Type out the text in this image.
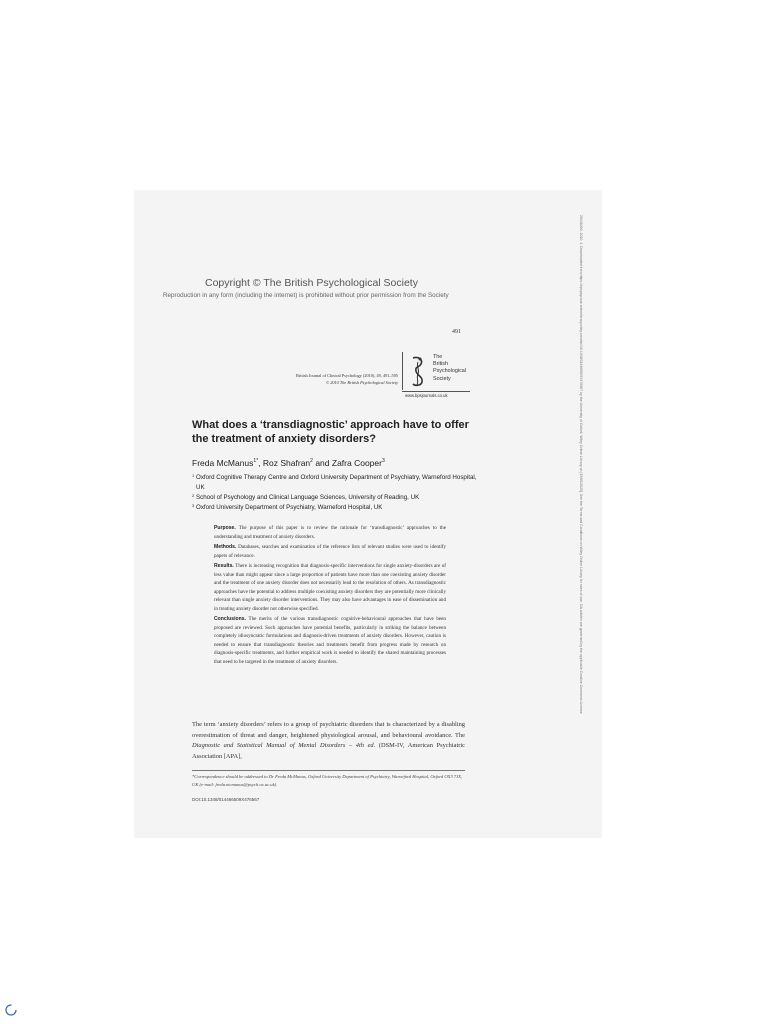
Copyright © The British Psychological Society
Reproduction in any form (including the internet) is prohibited without prior permission from the Society
491
British Journal of Clinical Psychology (2010), 49, 491–505
© 2010 The British Psychological Society
The
British
Psychological
Society
www.bpsjournals.co.uk
What does a ‘transdiagnostic’ approach have to offer the treatment of anxiety disorders?
Freda McManus$^{1*}$, Roz Shafran$^2$ and Zafra Cooper$^3$
1 Oxford Cognitive Therapy Centre and Oxford University Department of Psychiatry, Warneford Hospital, UK
2 School of Psychology and Clinical Language Sciences, University of Reading, UK
3 Oxford University Department of Psychiatry, Warneford Hospital, UK

Purpose. The purpose of this paper is to review the rationale for ‘transdiagnostic’ approaches to the understanding and treatment of anxiety disorders.

Methods. Databases, searches and examination of the reference lists of relevant studies were used to identify papers of relevance.

Results. There is increasing recognition that diagnosis-specific interventions for single anxiety-disorders are of less value than might appear since a large proportion of patients have more than one coexisting anxiety disorder and the treatment of one anxiety disorder does not necessarily lead to the resolution of others. As transdiagnostic approaches have the potential to address multiple coexisting anxiety disorders they are potentially more clinically relevant than single anxiety disorder interventions. They may also have advantages in ease of dissemination and in treating anxiety disorder not otherwise specified.

Conclusions. The merits of the various transdiagnostic cognitive-behavioural approaches that have been proposed are reviewed. Such approaches have potential benefits, particularly in striking the balance between completely idiosyncratic formulations and diagnosis-driven treatments of anxiety disorders. However, caution is needed to ensure that transdiagnostic theories and treatments benefit from progress made by research on diagnosis-specific treatments, and further empirical work is needed to identify the shared maintaining processes that need to be targeted in the treatment of anxiety disorders.

The term ‘anxiety disorders’ refers to a group of psychiatric disorders that is characterized by a disabling overestimation of threat and danger, heightened physiological arousal, and behavioural avoidance. The Diagnostic and Statistical Manual of Mental Disorders – 4th ed. (DSM-IV, American Psychiatric Association [APA],
*Correspondence should be addressed to Dr Freda McManus, Oxford University Department of Psychiatry, Warneford Hospital, Oxford OX3 7JX, UK (e-mail: freda.mcmanus@psych.ox.ac.uk).
DOI:10.1348/014466509X476567
20448260, 2010, 4, Downloaded from https://bpspsychub.onlinelibrary.wiley.com/doi/10.1348/014466509X476567 by the University of Oxford, Wiley Online Library on [19/05/2025]. See the Terms and Conditions on Wiley Online Library for rules of use; OA articles are governed by the applicable Creative Commons License
